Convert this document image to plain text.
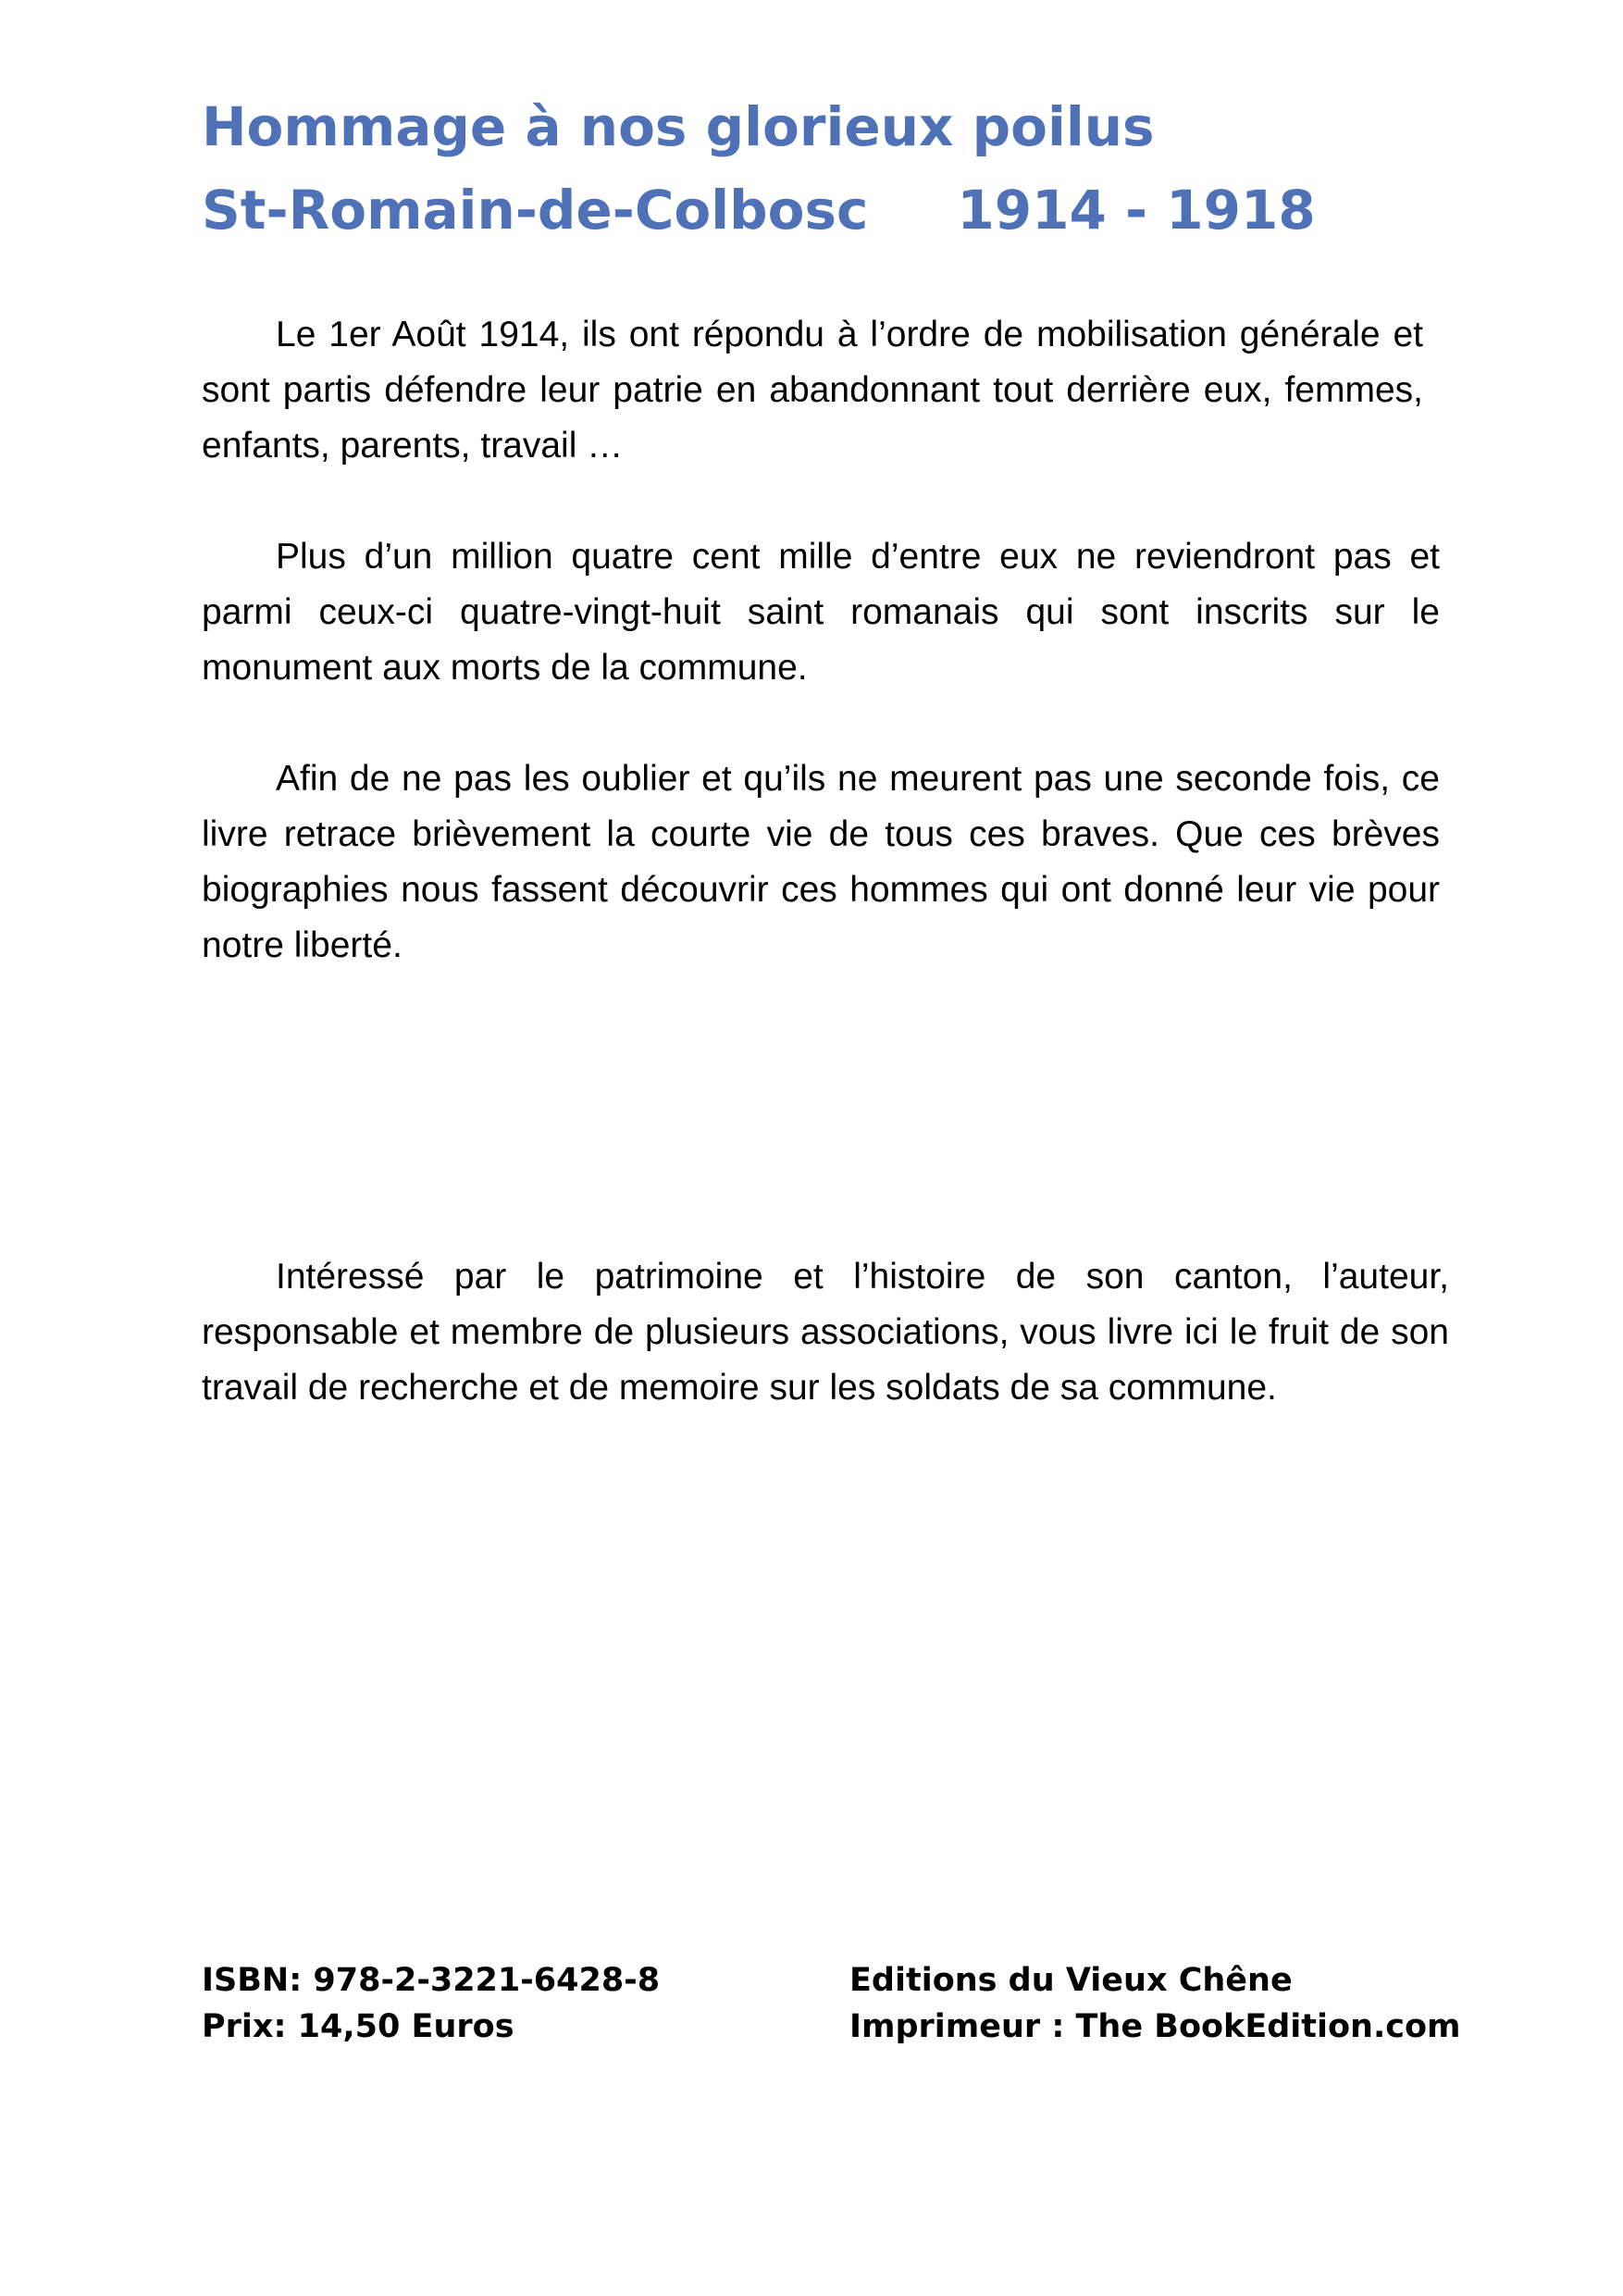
Hommage à nos glorieux poilus
St-Romain-de-Colbosc 1914 - 1918

Le 1er Août 1914, ils ont répondu à l’ordre de mobilisation générale et sont partis défendre leur patrie en abandonnant tout derrière eux, femmes, enfants, parents, travail …

Plus d’un million quatre cent mille d’entre eux ne reviendront pas et parmi ceux-ci quatre-vingt-huit saint romanais qui sont inscrits sur le monument aux morts de la commune.

Afin de ne pas les oublier et qu’ils ne meurent pas une seconde fois, ce livre retrace brièvement la courte vie de tous ces braves. Que ces brèves biographies nous fassent découvrir ces hommes qui ont donné leur vie pour notre liberté.

Intéressé par le patrimoine et l’histoire de son canton, l’auteur, responsable et membre de plusieurs associations, vous livre ici le fruit de son travail de recherche et de memoire sur les soldats de sa commune.

ISBN: 978-2-3221-6428-8
Prix: 14,50 Euros
Editions du Vieux Chêne
Imprimeur : The BookEdition.com
